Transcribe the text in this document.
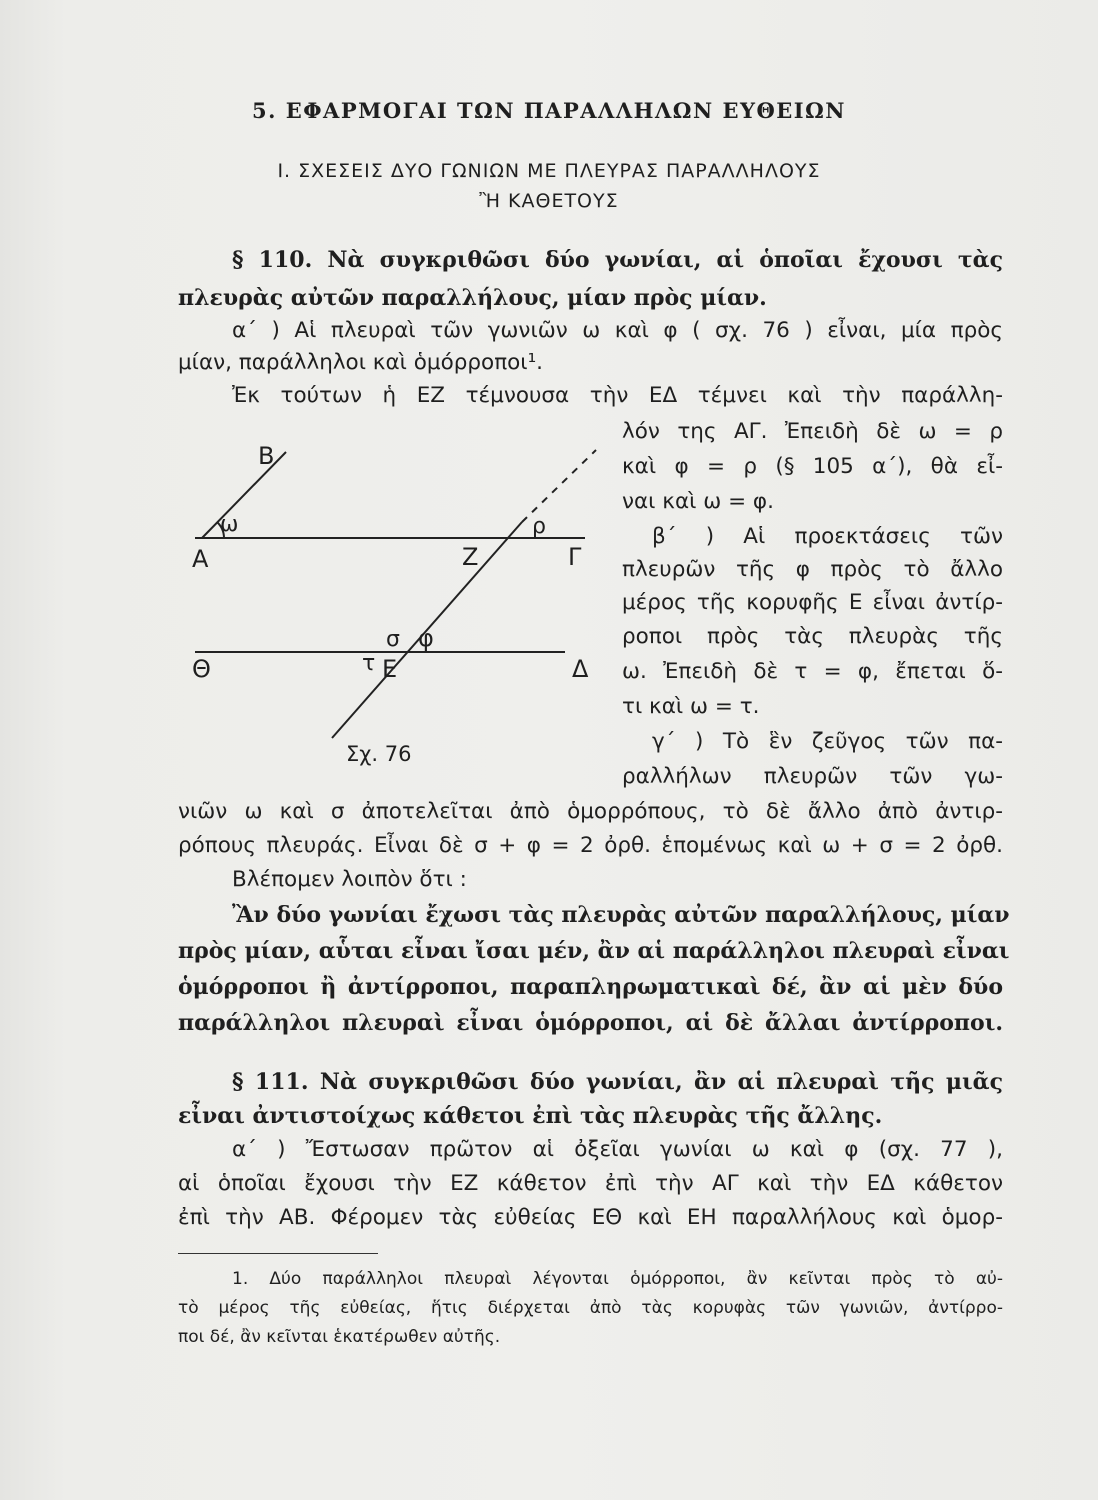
5. ΕΦΑΡΜΟΓΑΙ ΤΩΝ ΠΑΡΑΛΛΗΛΩΝ ΕΥΘΕΙΩΝ
Ι. ΣΧΕΣΕΙΣ ΔΥΟ ΓΩΝΙΩΝ ΜΕ ΠΛΕΥΡΑΣ ΠΑΡΑΛΛΗΛΟΥΣ
Ἢ ΚΑΘΕΤΟΥΣ
§ 110. Νὰ συγκριθῶσι δύο γωνίαι, αἱ ὁποῖαι ἔχουσι τὰς
πλευρὰς αὐτῶν παραλλήλους, μίαν πρὸς μίαν.
α΄ ) Αἱ πλευραὶ τῶν γωνιῶν ω καὶ φ ( σχ. 76 ) εἶναι, μία πρὸς
μίαν, παράλληλοι καὶ ὁμόρροποι¹.
Ἐκ τούτων ἡ ΕΖ τέμνουσα τὴν ΕΔ τέμνει καὶ τὴν παράλλη-
λόν της ΑΓ. Ἐπειδὴ δὲ ω = ρ
καὶ φ = ρ (§ 105 α΄), θὰ εἶ-
ναι καὶ ω = φ.
β΄ ) Αἱ προεκτάσεις τῶν
πλευρῶν τῆς φ πρὸς τὸ ἄλλο
μέρος τῆς κορυφῆς Ε εἶναι ἀντίρ-
ροποι πρὸς τὰς πλευρὰς τῆς
ω. Ἐπειδὴ δὲ τ = φ, ἔπεται ὅ-
τι καὶ ω = τ.
γ΄ ) Τὸ ἓν ζεῦγος τῶν πα-
ραλλήλων πλευρῶν τῶν γω-
νιῶν ω καὶ σ ἀποτελεῖται ἀπὸ ὁμορρόπους, τὸ δὲ ἄλλο ἀπὸ ἀντιρ-
ρόπους πλευράς. Εἶναι δὲ σ + φ = 2 ὀρθ. ἑπομένως καὶ ω + σ = 2 ὀρθ.
Βλέπομεν λοιπὸν ὅτι :
Ἂν δύο γωνίαι ἔχωσι τὰς πλευρὰς αὐτῶν παραλλήλους, μίαν
πρὸς μίαν, αὗται εἶναι ἴσαι μέν, ἂν αἱ παράλληλοι πλευραὶ εἶναι
ὁμόρροποι ἢ ἀντίρροποι, παραπληρωματικαὶ δέ, ἂν αἱ μὲν δύο
παράλληλοι πλευραὶ εἶναι ὁμόρροποι, αἱ δὲ ἄλλαι ἀντίρροποι.
§ 111. Νὰ συγκριθῶσι δύο γωνίαι, ἂν αἱ πλευραὶ τῆς μιᾶς
εἶναι ἀντιστοίχως κάθετοι ἐπὶ τὰς πλευρὰς τῆς ἄλλης.
α΄ ) Ἔστωσαν πρῶτον αἱ ὀξεῖαι γωνίαι ω καὶ φ (σχ. 77 ),
αἱ ὁποῖαι ἔχουσι τὴν ΕΖ κάθετον ἐπὶ τὴν ΑΓ καὶ τὴν ΕΔ κάθετον
ἐπὶ τὴν ΑΒ. Φέρομεν τὰς εὐθείας ΕΘ καὶ ΕΗ παραλλήλους καὶ ὁμορ-
1. Δύο παράλληλοι πλευραὶ λέγονται ὁμόρροποι, ἂν κεῖνται πρὸς τὸ αὐ-
τὸ μέρος τῆς εὐθείας, ἥτις διέρχεται ἀπὸ τὰς κορυφὰς τῶν γωνιῶν, ἀντίρρο-
ποι δέ, ἂν κεῖνται ἑκατέρωθεν αὐτῆς.
Β
Α
ω
Ζ
ρ
Γ
σ φ
Θ	τ Ε	Δ
Σχ. 76
